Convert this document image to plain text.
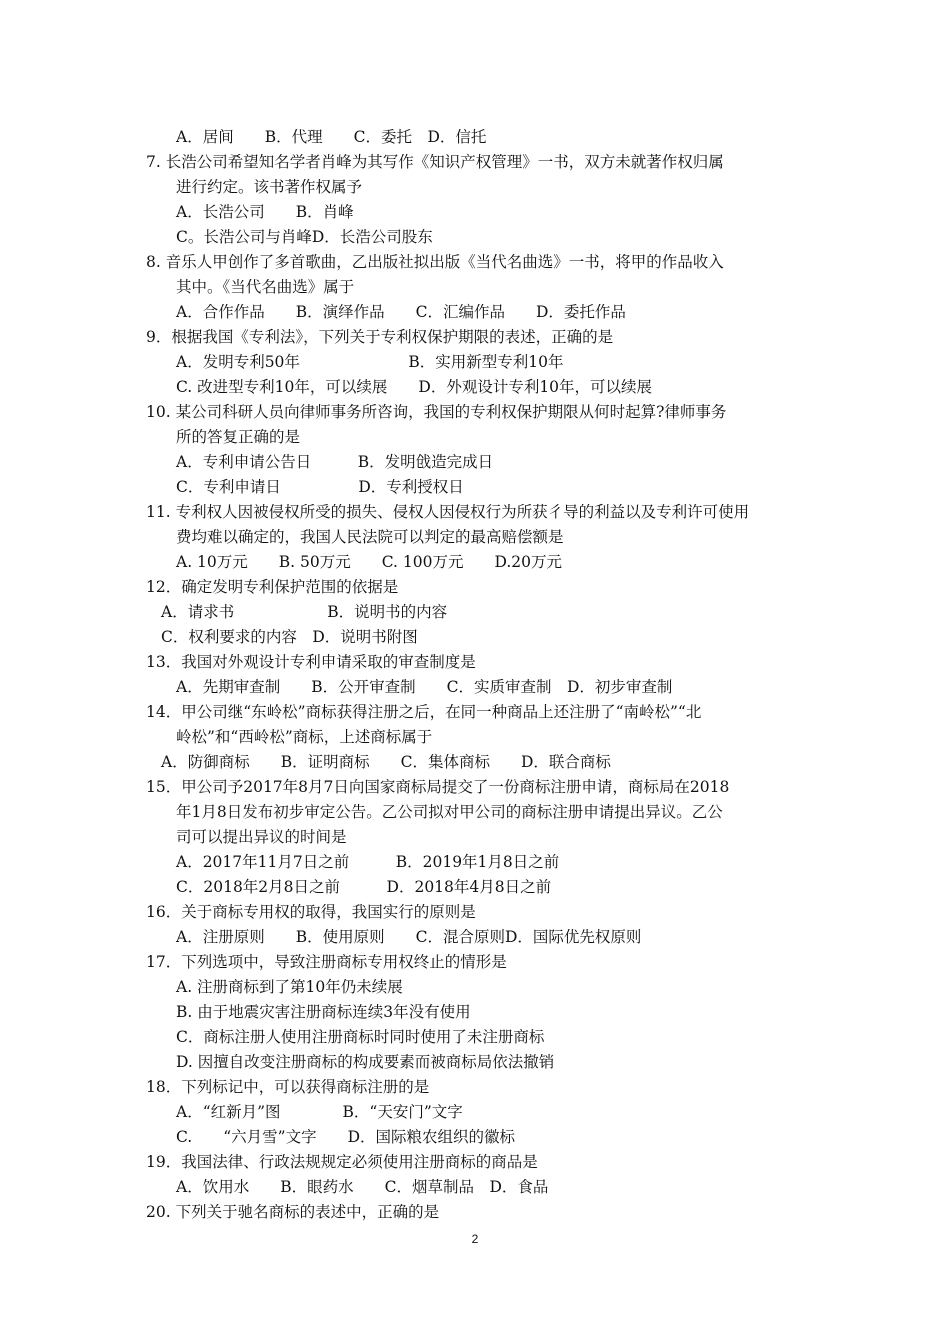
A．居间　　B．代理　　C．委托　D．信托
7. 长浩公司希望知名学者肖峰为其写作《知识产权管理》一书，双方未就著作权归属
进行约定。该书著作权属予
A．长浩公司　　B．肖峰
C。长浩公司与肖峰D．长浩公司股东
8. 音乐人甲创作了多首歌曲，乙出版社拟出版《当代名曲选》一书，将甲的作品收入
其中。《当代名曲选》属于
A．合作作品　　B．演绎作品　　C．汇编作品　　D．委托作品
9．根据我国《专利法》，下列关于专利权保护期限的表述，正确的是
A．发明专利50年　　　　　　　B．实用新型专利10年
C. 改进型专利10年，可以续展　　D．外观设计专利10年，可以续展
10. 某公司科研人员向律师事务所咨询，我国的专利权保护期限从何时起算?律师事务
所的答复正确的是
A．专利申请公告日　　　B．发明戗造完成日
C．专利申请日　　　　　D．专利授权日
11. 专利权人因被侵权所受的损失、侵权人因侵权行为所获彳导的利益以及专利许可使用
费均难以确定的，我国人民法院可以判定的最高赔偿额是
A. 10万元　　B. 50万元　　C. 100万元　　D.20万元
12．确定发明专利保护范围的依据是
A．请求书　　　　　　B．说明书的内容
C．权利要求的内容　D．说明书附图
13．我国对外观设计专利申请采取的审查制度是
A．先期审查制　　B．公开审查制　　C．实质审查制　D．初步审查制
14．甲公司继“东岭松”商标获得注册之后，在同一种商品上还注册了“南岭松”“北
岭松”和“西岭松”商标，上述商标属于
A．防御商标　　B．证明商标　　C．集体商标　　D．联合商标
15．甲公司予2017年8月7日向国家商标局提交了一份商标注册申请，商标局在2018
年1月8日发布初步审定公告。乙公司拟对甲公司的商标注册申请提出异议。乙公
司可以提出异议的时间是
A．2017年11月7日之前　　　B．2019年1月8日之前
C．2018年2月8日之前　　　D．2018年4月8日之前
16．关于商标专用权的取得，我国实行的原则是
A．注册原则　　B．使用原则　　C．混合原则D．国际优先权原则
17．下列选项中，导致注册商标专用权终止的情形是
A. 注册商标到了第10年仍未续展
B. 由于地震灾害注册商标连续3年没有使用
C．商标注册人使用注册商标时同时使用了未注册商标
D. 因擅自改变注册商标的构成要素而被商标局依法撤销
18．下列标记中，可以获得商标注册的是
A．“红新月”图　　　　B．“天安门”文字
C.　　“六月雪”文字　　D．国际粮农组织的徽标
19．我国法律、行政法规规定必须使用注册商标的商品是
A．饮用水　　B．眼药水　　C．烟草制品　D．食品
20. 下列关于驰名商标的表述中，正确的是
2
